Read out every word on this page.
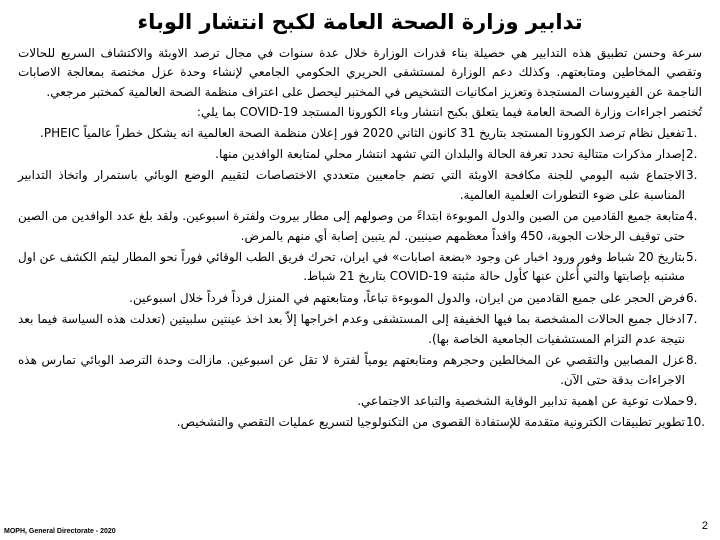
تدابير وزارة الصحة العامة لكبح انتشار الوباء

سرعة وحسن تطبيق هذه التدابير هي حصيلة بناء قدرات الوزارة خلال عدة سنوات في مجال ترصد الاوبئة والاكتشاف السريع للحالات وتقصي المخاطين ومتابعتهم. وكذلك دعم الوزارة لمستشفى الحريري الحكومي الجامعي لإنشاء وحدة عزل مختصة بمعالجة الاصابات الناجمة عن الفيروسات المستجدة وتعزيز امكانيات التشخيص في المختبر ليحصل على اعتراف منظمة الصحة العالمية كمختبر مرجعي.

تُختصر اجراءات وزارة الصحة العامة فيما يتعلق بكبح انتشار وباء الكورونا المستجد COVID-19 بما يلي:

1.
تفعيل نظام ترصد الكورونا المستجد بتاريخ 31 كانون الثاني 2020 فور إعلان منظمة الصحة العالمية انه يشكل خطراً عالمياً PHEIC.
2.
إصدار مذكرات متتالية تحدد تعرفة الحالة والبلدان التي تشهد انتشار محلي لمتابعة الوافدين منها.
3.
الاجتماع شبه اليومي للجنة مكافحة الاوبئة التي تضم جامعيين متعددي الاختصاصات لتقييم الوضع الوبائي باستمرار واتخاذ التدابير المناسبة على ضوء التطورات العلمية العالمية.
4.
متابعة جميع القادمين من الصين والدول الموبوءة ابتداءً من وصولهم إلى مطار بيروت ولفترة اسبوعين. ولقد بلغ عدد الوافدين من الصين حتى توقيف الرحلات الجوية، 450 وافداً معظمهم صينيين. لم يتبين إصابة أي منهم بالمرض.
5.
بتاريخ 20 شباط وفور ورود اخبار عن وجود «بضعة اصابات» في ايران، تحرك فريق الطب الوقائي فوراً نحو المطار ليتم الكشف عن اول مشتبه بإصابتها والتي أُعلن عنها كأول حالة مثبتة COVID-19 بتاريخ 21 شباط.
6.
فرض الحجر على جميع القادمين من ايران، والدول الموبوءة تباعاً، ومتابعتهم في المنزل فرداً فرداً خلال اسبوعين.
7.
ادخال جميع الحالات المشخصة بما فيها الخفيفة إلى المستشفى وعدم اخراجها إلاّ بعد اخذ عينتين سلبيتين (تعدلت هذه السياسة فيما بعد نتيجة عدم التزام المستشفيات الجامعية الخاصة بها).
8.
عزل المصابين والتقصي عن المخالطين وحجرهم ومتابعتهم يومياً لفترة لا تقل عن اسبوعين. مازالت وحدة الترصد الوبائي تمارس هذه الاجراءات بدقة حتى الآن.
9.
حملات توعية عن اهمية تدابير الوقاية الشخصية والتباعد الاجتماعي.
10.
تطوير تطبيقات الكترونية متقدمة للإستفادة القصوى من التكنولوجيا لتسريع عمليات التقصي والتشخيص.
MOPH, General Directorate - 2020	2
